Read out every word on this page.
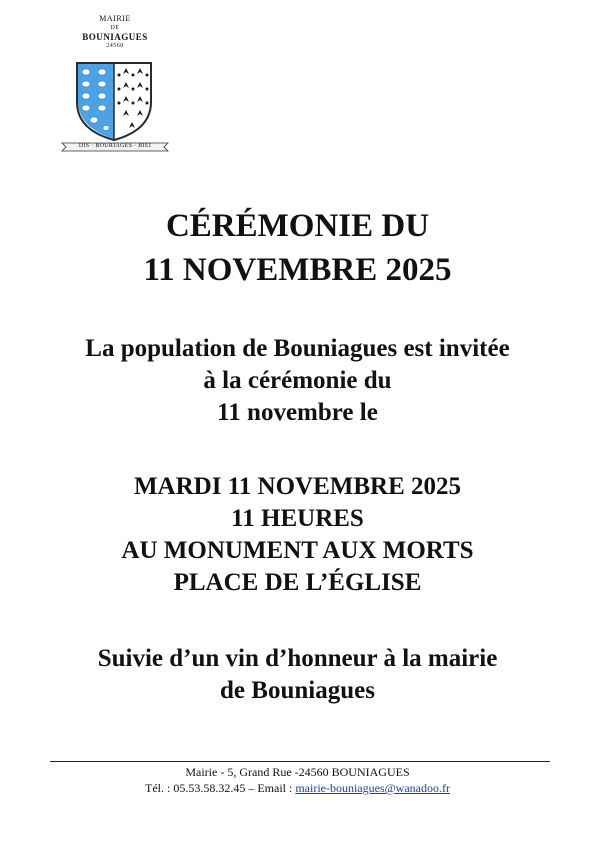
MAIRIE
DE
BOUNIAGUES
24560
DIS · BOURIAGES · BIEI
CÉRÉMONIE DU
11 NOVEMBRE 2025
La population de Bouniagues est invitée
à la cérémonie du
11 novembre le
MARDI 11 NOVEMBRE 2025
11 HEURES
AU MONUMENT AUX MORTS
PLACE DE L’ÉGLISE
Suivie d’un vin d’honneur à la mairie
de Bouniagues
Mairie - 5, Grand Rue -24560 BOUNIAGUES
Tél. : 05.53.58.32.45 – Email : mairie-bouniagues@wanadoo.fr
